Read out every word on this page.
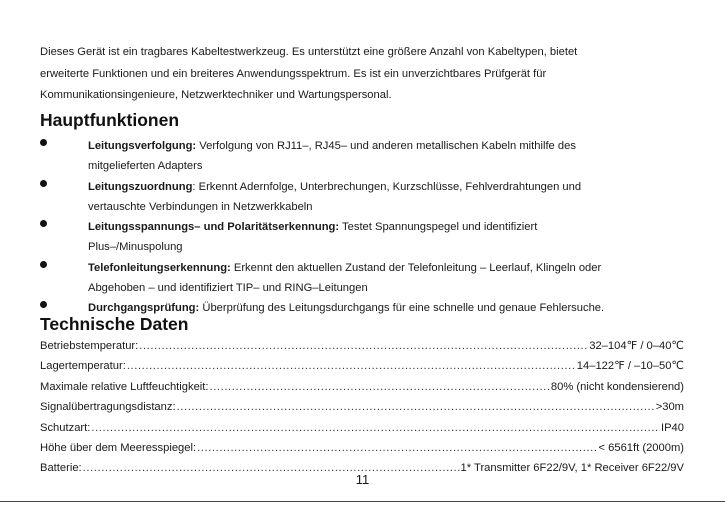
Dieses Gerät ist ein tragbares Kabeltestwerkzeug. Es unterstützt eine größere Anzahl von Kabeltypen, bietet

erweiterte Funktionen und ein breiteres Anwendungsspektrum. Es ist ein unverzichtbares Prüfgerät für

Kommunikationsingenieure, Netzwerktechniker und Wartungspersonal.

Hauptfunktionen
Leitungsverfolgung: Verfolgung von RJ11–, RJ45– und anderen metallischen Kabeln mithilfe des
mitgelieferten Adapters
Leitungszuordnung: Erkennt Adernfolge, Unterbrechungen, Kurzschlüsse, Fehlverdrahtungen und
vertauschte Verbindungen in Netzwerkkabeln
Leitungsspannungs– und Polaritätserkennung: Testet Spannungspegel und identifiziert
Plus–/Minuspolung
Telefonleitungserkennung: Erkennt den aktuellen Zustand der Telefonleitung – Leerlauf, Klingeln oder
Abgehoben – und identifiziert TIP– und RING–Leitungen
Durchgangsprüfung: Überprüfung des Leitungsdurchgangs für eine schnelle und genaue Fehlersuche.
Technische Daten
Betriebstemperatur: .....	32–104℉ / 0–40℃
Lagertemperatur: .....	14–122℉ / –10–50℃
Maximale relative Luftfeuchtigkeit: .....	80% (nicht kondensierend)
Signalübertragungsdistanz: .....	>30m
Schutzart: .....	IP40
Höhe über dem Meeresspiegel: .....	< 6561ft (2000m)
Batterie: .....	1* Transmitter 6F22/9V, 1* Receiver 6F22/9V
11
